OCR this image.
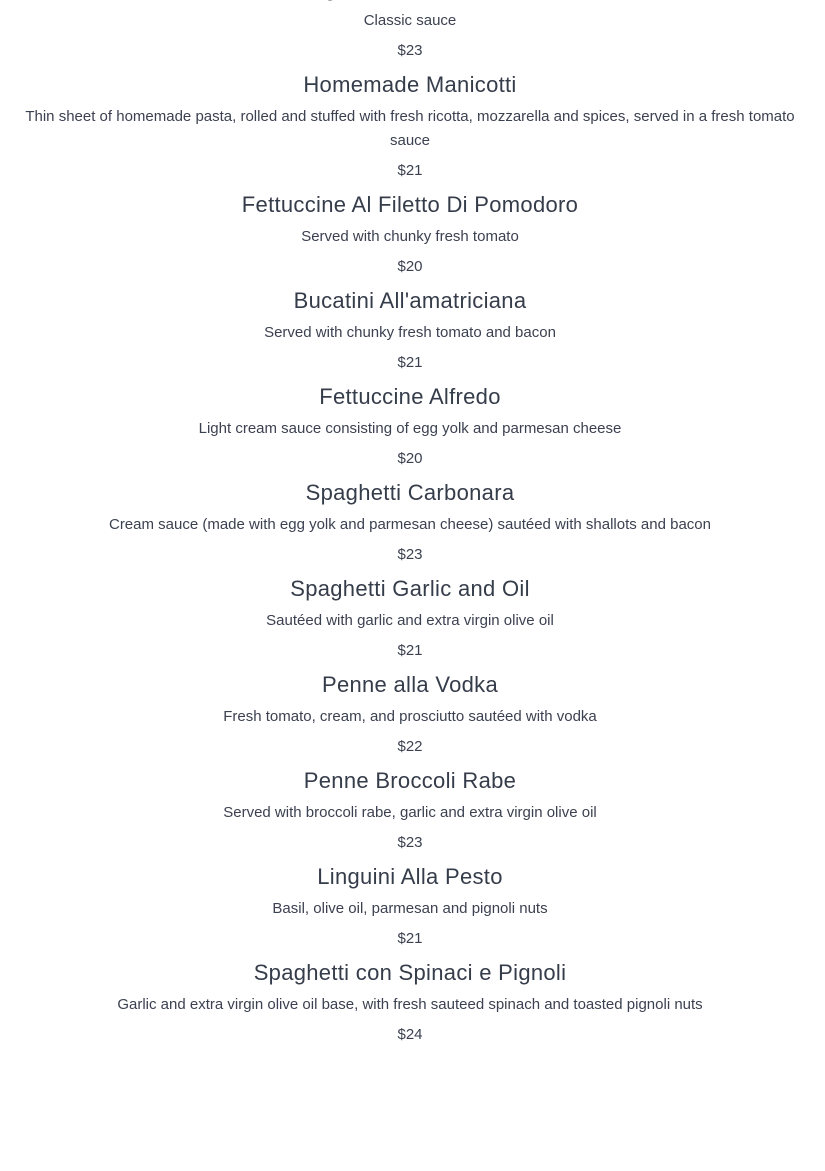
Classic sauce
$23
Homemade Manicotti
Thin sheet of homemade pasta, rolled and stuffed with fresh ricotta, mozzarella and spices, served in a fresh tomato sauce
$21
Fettuccine Al Filetto Di Pomodoro
Served with chunky fresh tomato
$20
Bucatini All'amatriciana
Served with chunky fresh tomato and bacon
$21
Fettuccine Alfredo
Light cream sauce consisting of egg yolk and parmesan cheese
$20
Spaghetti Carbonara
Cream sauce (made with egg yolk and parmesan cheese) sautéed with shallots and bacon
$23
Spaghetti Garlic and Oil
Sautéed with garlic and extra virgin olive oil
$21
Penne alla Vodka
Fresh tomato, cream, and prosciutto sautéed with vodka
$22
Penne Broccoli Rabe
Served with broccoli rabe, garlic and extra virgin olive oil
$23
Linguini Alla Pesto
Basil, olive oil, parmesan and pignoli nuts
$21
Spaghetti con Spinaci e Pignoli
Garlic and extra virgin olive oil base, with fresh sauteed spinach and toasted pignoli nuts
$24
